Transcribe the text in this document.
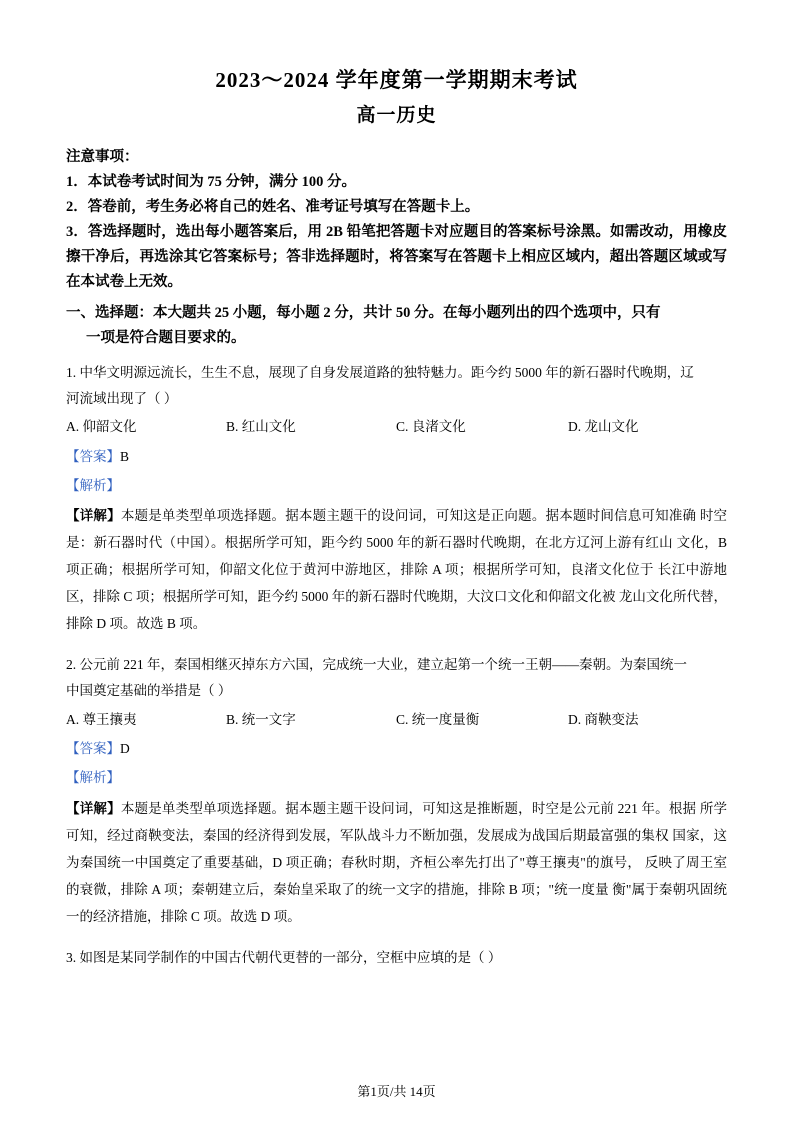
2023～2024 学年度第一学期期末考试
高一历史
注意事项：
1．本试卷考试时间为 75 分钟，满分 100 分。
2．答卷前，考生务必将自己的姓名、准考证号填写在答题卡上。
3．答选择题时，选出每小题答案后，用 2B 铅笔把答题卡对应题目的答案标号涂黑。如需改动，用橡皮擦干净后，再选涂其它答案标号；答非选择题时，将答案写在答题卡上相应区域内，超出答题区域或写在本试卷上无效。
一、选择题：本大题共 25 小题，每小题 2 分，共计 50 分。在每小题列出的四个选项中，只有
一项是符合题目要求的。
1. 中华文明源远流长，生生不息，展现了自身发展道路的独特魅力。距今约 5000 年的新石器时代晚期，辽
河流域出现了（ ）
A. 仰韶文化	B. 红山文化	C. 良渚文化	D. 龙山文化
【答案】B
【解析】
【详解】本题是单类型单项选择题。据本题主题干的设问词，可知这是正向题。据本题时间信息可知准确 时空是：新石器时代（中国）。根据所学可知，距今约 5000 年的新石器时代晚期，在北方辽河上游有红山 文化，B 项正确；根据所学可知，仰韶文化位于黄河中游地区，排除 A 项；根据所学可知，良渚文化位于 长江中游地区，排除 C 项；根据所学可知，距今约 5000 年的新石器时代晚期，大汶口文化和仰韶文化被 龙山文化所代替，排除 D 项。故选 B 项。
2. 公元前 221 年，秦国相继灭掉东方六国，完成统一大业，建立起第一个统一王朝——秦朝。为秦国统一
中国奠定基础的举措是（ ）
A. 尊王攘夷	B. 统一文字	C. 统一度量衡	D. 商鞅变法
【答案】D
【解析】
【详解】本题是单类型单项选择题。据本题主题干设问词，可知这是推断题，时空是公元前 221 年。根据 所学可知，经过商鞅变法，秦国的经济得到发展，军队战斗力不断加强，发展成为战国后期最富强的集权 国家，这为秦国统一中国奠定了重要基础，D 项正确；春秋时期，齐桓公率先打出了"尊王攘夷"的旗号， 反映了周王室的衰微，排除 A 项；秦朝建立后，秦始皇采取了的统一文字的措施，排除 B 项；"统一度量 衡"属于秦朝巩固统一的经济措施，排除 C 项。故选 D 项。
3. 如图是某同学制作的中国古代朝代更替的一部分，空框中应填的是（ ）
第1页/共 14页
